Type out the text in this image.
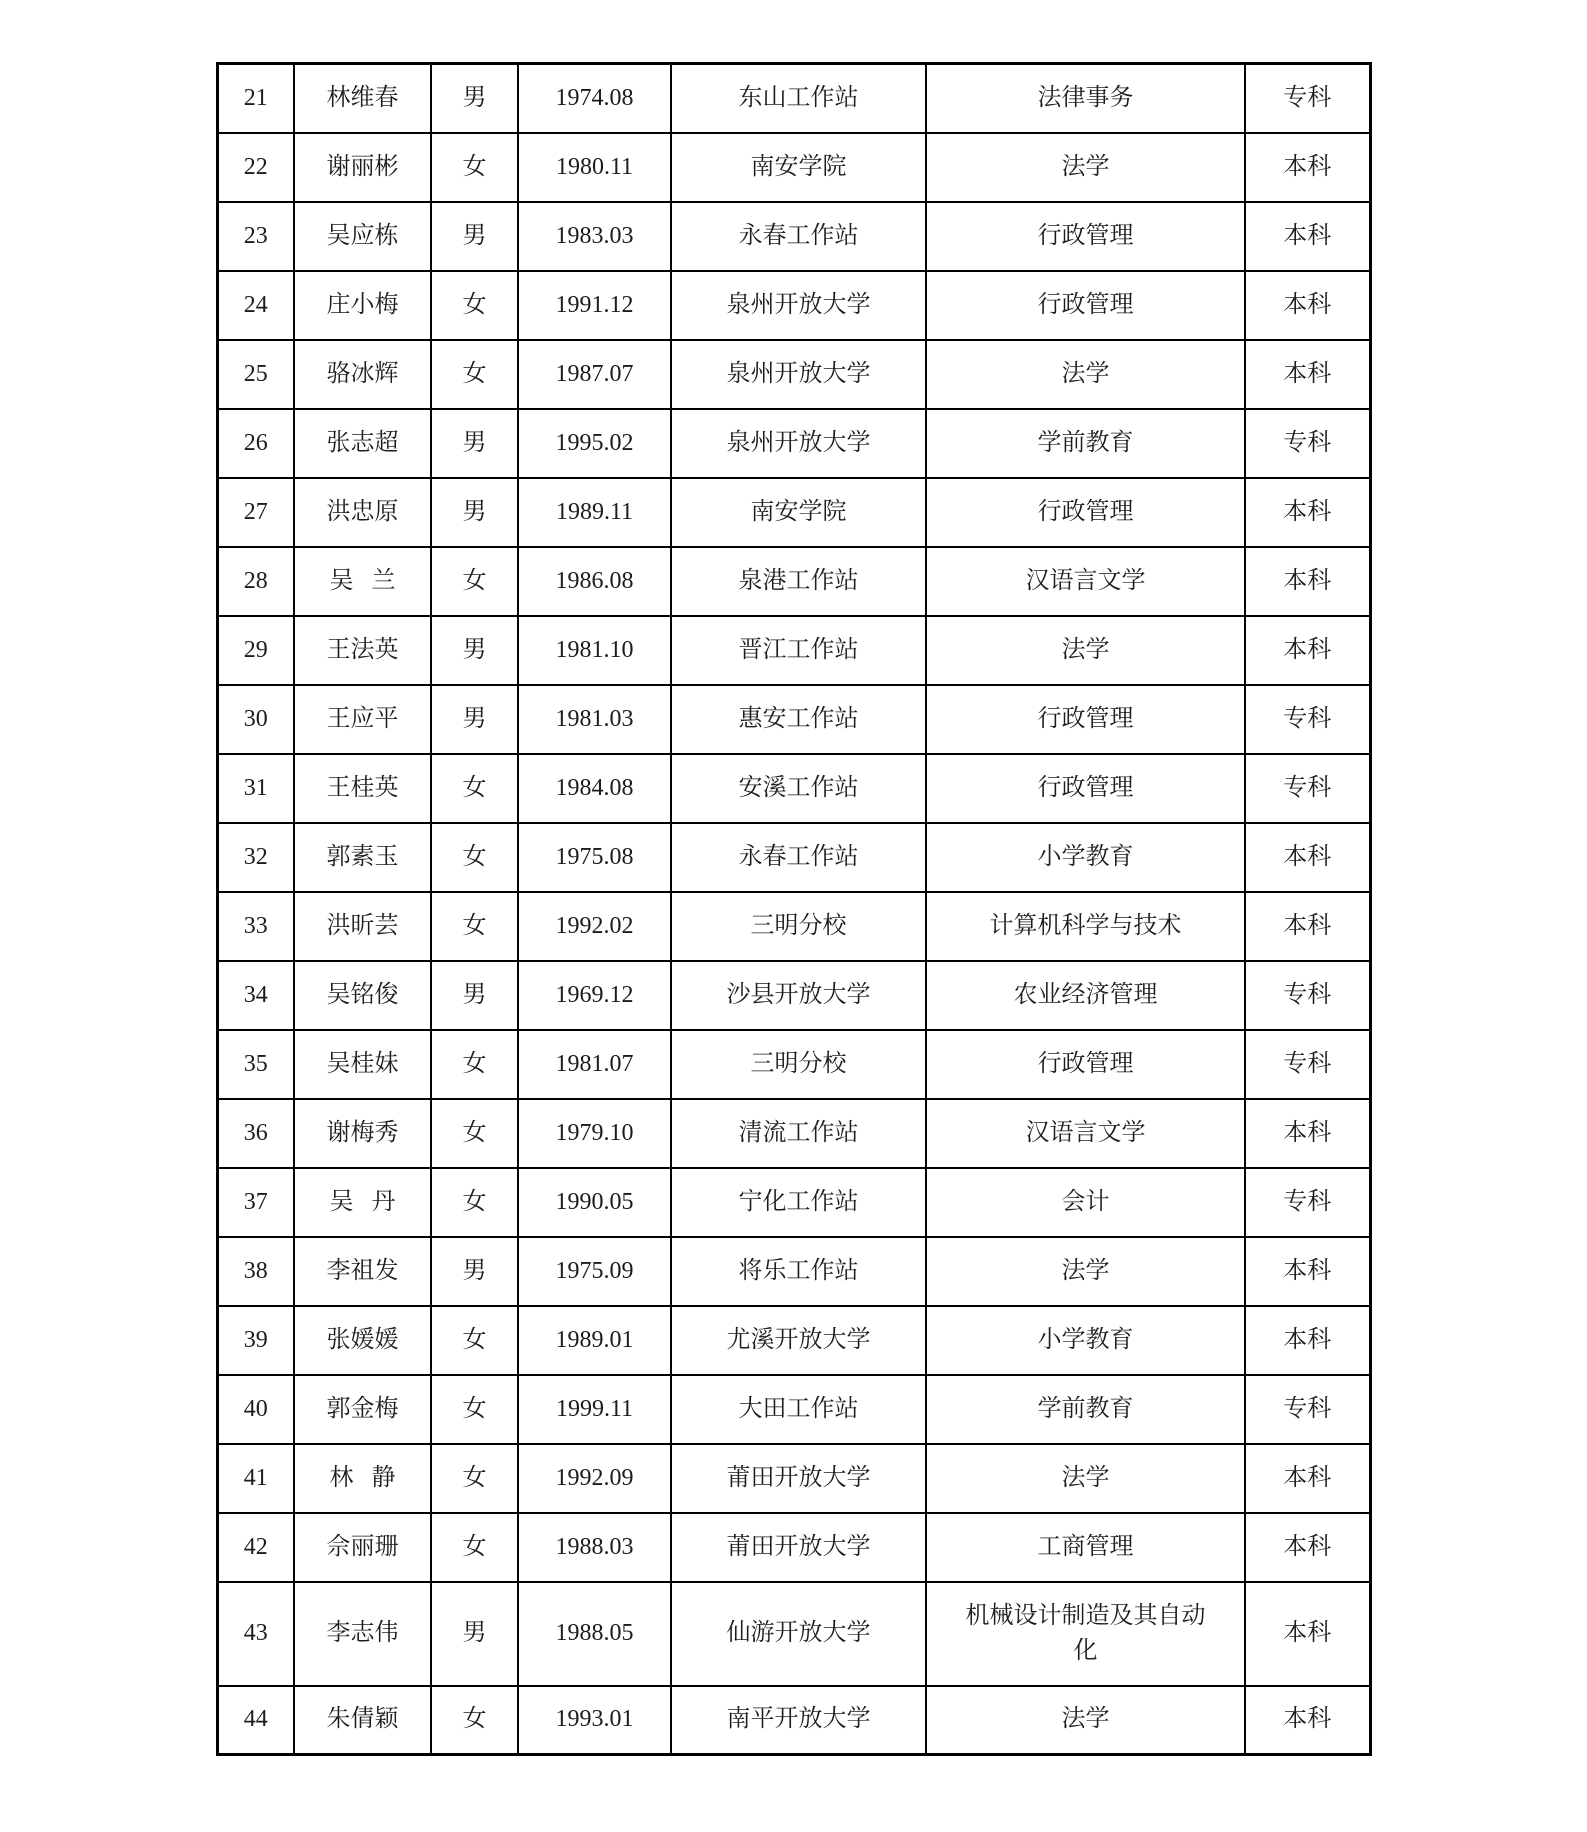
21	林维春	男	1974.08	东山工作站	法律事务	专科
22	谢丽彬	女	1980.11	南安学院	法学	本科
23	吴应栋	男	1983.03	永春工作站	行政管理	本科
24	庄小梅	女	1991.12	泉州开放大学	行政管理	本科
25	骆冰辉	女	1987.07	泉州开放大学	法学	本科
26	张志超	男	1995.02	泉州开放大学	学前教育	专科
27	洪忠原	男	1989.11	南安学院	行政管理	本科
28	吴兰	女	1986.08	泉港工作站	汉语言文学	本科
29	王法英	男	1981.10	晋江工作站	法学	本科
30	王应平	男	1981.03	惠安工作站	行政管理	专科
31	王桂英	女	1984.08	安溪工作站	行政管理	专科
32	郭素玉	女	1975.08	永春工作站	小学教育	本科
33	洪昕芸	女	1992.02	三明分校	计算机科学与技术	本科
34	吴铭俊	男	1969.12	沙县开放大学	农业经济管理	专科
35	吴桂妹	女	1981.07	三明分校	行政管理	专科
36	谢梅秀	女	1979.10	清流工作站	汉语言文学	本科
37	吴丹	女	1990.05	宁化工作站	会计	专科
38	李祖发	男	1975.09	将乐工作站	法学	本科
39	张媛媛	女	1989.01	尤溪开放大学	小学教育	本科
40	郭金梅	女	1999.11	大田工作站	学前教育	专科
41	林静	女	1992.09	莆田开放大学	法学	本科
42	佘丽珊	女	1988.03	莆田开放大学	工商管理	本科
43	李志伟	男	1988.05	仙游开放大学	机械设计制造及其自动化	本科
44	朱倩颖	女	1993.01	南平开放大学	法学	本科
